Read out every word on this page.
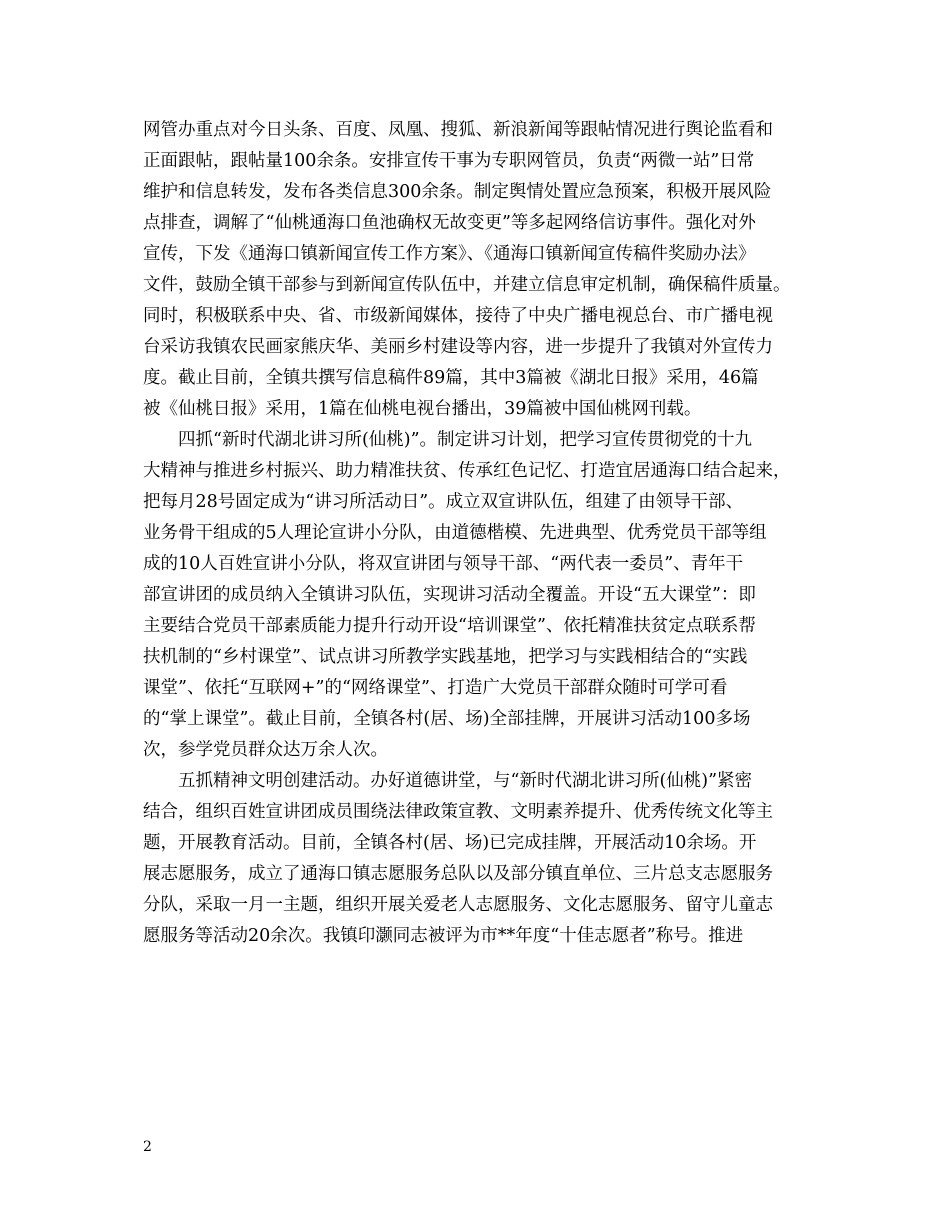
网管办重点对今日头条、百度、凤凰、搜狐、新浪新闻等跟帖情况进行舆论监看和
正面跟帖，跟帖量100余条。安排宣传干事为专职网管员，负责“两微一站”日常
维护和信息转发，发布各类信息300余条。制定舆情处置应急预案，积极开展风险
点排查，调解了“仙桃通海口鱼池确权无故变更”等多起网络信访事件。强化对外
宣传，下发《通海口镇新闻宣传工作方案》、《通海口镇新闻宣传稿件奖励办法》
文件，鼓励全镇干部参与到新闻宣传队伍中，并建立信息审定机制，确保稿件质量。
同时，积极联系中央、省、市级新闻媒体，接待了中央广播电视总台、市广播电视
台采访我镇农民画家熊庆华、美丽乡村建设等内容，进一步提升了我镇对外宣传力
度。截止目前，全镇共撰写信息稿件89篇，其中3篇被《湖北日报》采用，46篇
被《仙桃日报》采用，1篇在仙桃电视台播出，39篇被中国仙桃网刊载。
四抓“新时代湖北讲习所(仙桃)”。制定讲习计划，把学习宣传贯彻党的十九
大精神与推进乡村振兴、助力精准扶贫、传承红色记忆、打造宜居通海口结合起来，
把每月28号固定成为“讲习所活动日”。成立双宣讲队伍，组建了由领导干部、
业务骨干组成的5人理论宣讲小分队，由道德楷模、先进典型、优秀党员干部等组
成的10人百姓宣讲小分队，将双宣讲团与领导干部、“两代表一委员”、青年干
部宣讲团的成员纳入全镇讲习队伍，实现讲习活动全覆盖。开设“五大课堂”：即
主要结合党员干部素质能力提升行动开设“培训课堂”、依托精准扶贫定点联系帮
扶机制的“乡村课堂”、试点讲习所教学实践基地，把学习与实践相结合的“实践
课堂”、依托“互联网+”的“网络课堂”、打造广大党员干部群众随时可学可看
的“掌上课堂”。截止目前，全镇各村(居、场)全部挂牌，开展讲习活动100多场
次，参学党员群众达万余人次。
五抓精神文明创建活动。办好道德讲堂，与“新时代湖北讲习所(仙桃)”紧密
结合，组织百姓宣讲团成员围绕法律政策宣教、文明素养提升、优秀传统文化等主
题，开展教育活动。目前，全镇各村(居、场)已完成挂牌，开展活动10余场。开
展志愿服务，成立了通海口镇志愿服务总队以及部分镇直单位、三片总支志愿服务
分队，采取一月一主题，组织开展关爱老人志愿服务、文化志愿服务、留守儿童志
愿服务等活动20余次。我镇印灏同志被评为市**年度“十佳志愿者”称号。推进
2
